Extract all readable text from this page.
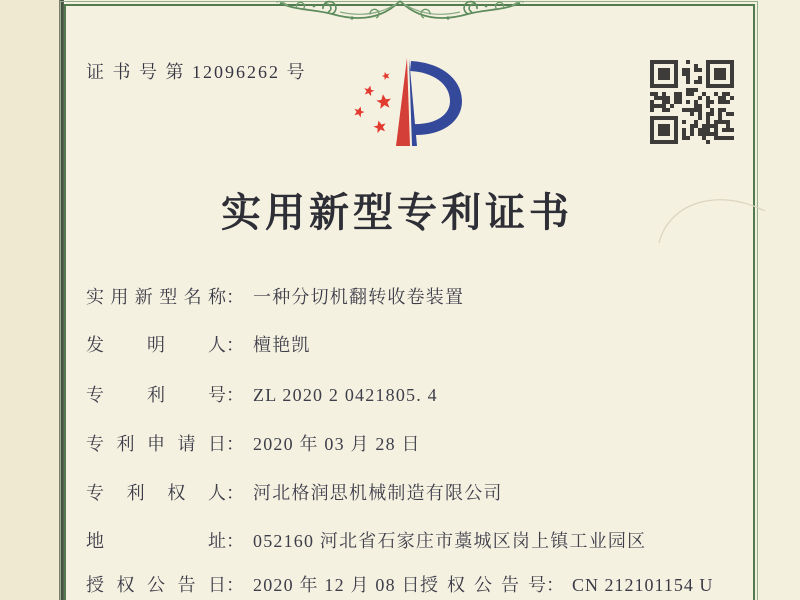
证 书 号 第 12096262 号
实用新型专利证书
实用新型名称： 一种分切机翻转收卷装置
发明人： 檀艳凯
专利号： ZL 2020 2 0421805. 4
专利申请日： 2020 年 03 月 28 日
专利权人： 河北格润思机械制造有限公司
地址： 052160 河北省石家庄市藁城区岗上镇工业园区
授权公告日： 2020 年 12 月 08 日 授权公告号： CN 212101154 U
